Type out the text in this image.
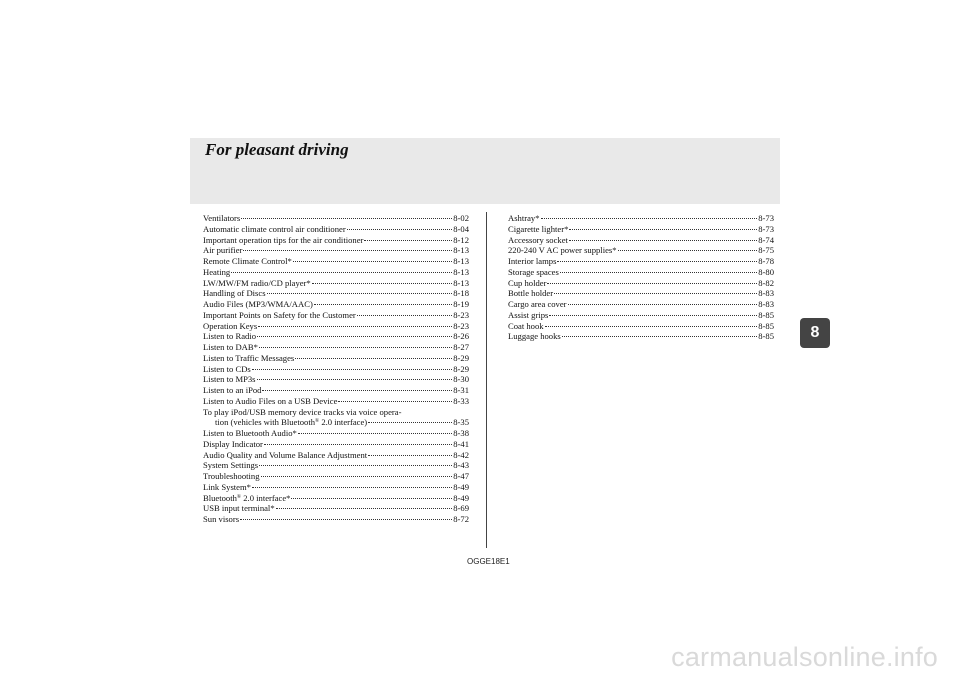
For pleasant driving
Ventilators	8-02
Automatic climate control air conditioner	8-04
Important operation tips for the air conditioner	8-12
Air purifier	8-13
Remote Climate Control*	8-13
Heating	8-13
LW/MW/FM radio/CD player*	8-13
Handling of Discs	8-18
Audio Files (MP3/WMA/AAC)	8-19
Important Points on Safety for the Customer	8-23
Operation Keys	8-23
Listen to Radio	8-26
Listen to DAB*	8-27
Listen to Traffic Messages	8-29
Listen to CDs	8-29
Listen to MP3s	8-30
Listen to an iPod	8-31
Listen to Audio Files on a USB Device	8-33
To play iPod/USB memory device tracks via voice opera-
tion (vehicles with Bluetooth® 2.0 interface)	8-35
Listen to Bluetooth Audio*	8-38
Display Indicator	8-41
Audio Quality and Volume Balance Adjustment	8-42
System Settings	8-43
Troubleshooting	8-47
Link System*	8-49
Bluetooth® 2.0 interface*	8-49
USB input terminal*	8-69
Sun visors	8-72
Ashtray*	8-73
Cigarette lighter*	8-73
Accessory socket	8-74
220-240 V AC power supplies*	8-75
Interior lamps	8-78
Storage spaces	8-80
Cup holder	8-82
Bottle holder	8-83
Cargo area cover	8-83
Assist grips	8-85
Coat hook	8-85
Luggage hooks	8-85	8
OGGE18E1
carmanualsonline.info
